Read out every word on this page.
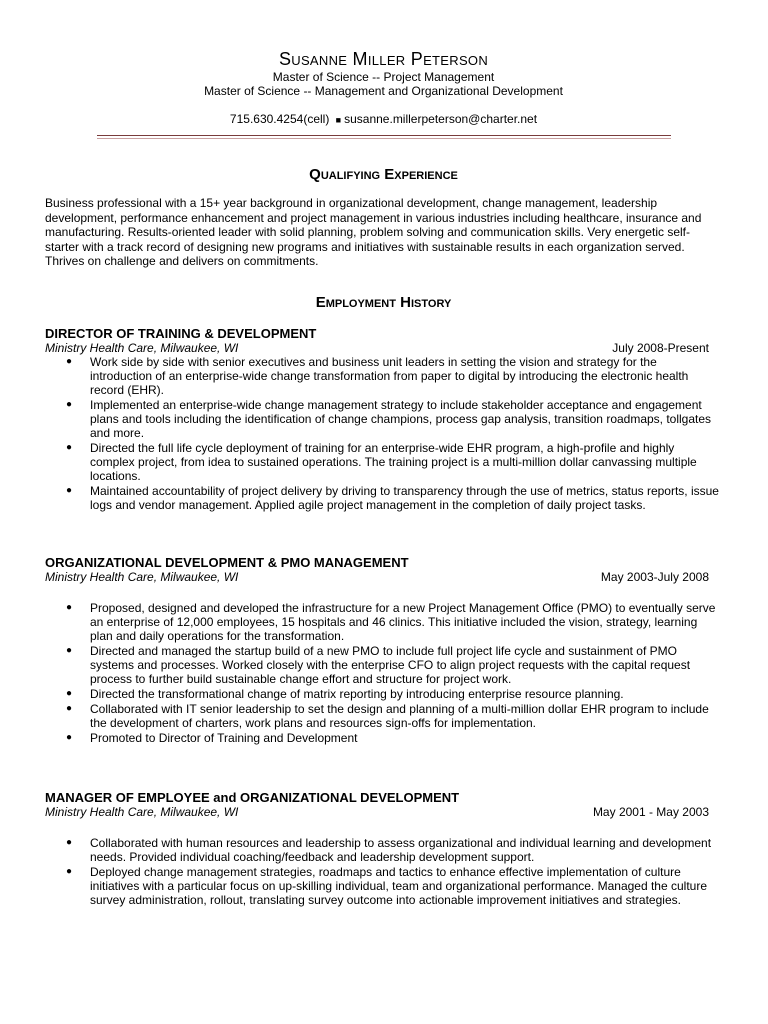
Susanne Miller Peterson

Master of Science -- Project Management

Master of Science -- Management and Organizational Development

715.630.4254(cell) ■ susanne.millerpeterson@charter.net
Qualifying Experience

Business professional with a 15+ year background in organizational development, change management, leadership development, performance enhancement and project management in various industries including healthcare, insurance and manufacturing. Results-oriented leader with solid planning, problem solving and communication skills. Very energetic self-starter with a track record of designing new programs and initiatives with sustainable results in each organization served. Thrives on challenge and delivers on commitments.

Employment History
DIRECTOR OF TRAINING & DEVELOPMENT
Ministry Health Care, Milwaukee, WI	July 2008-Present
● Work side by side with senior executives and business unit leaders in setting the vision and strategy for the introduction of an enterprise-wide change transformation from paper to digital by introducing the electronic health record (EHR).
● Implemented an enterprise-wide change management strategy to include stakeholder acceptance and engagement plans and tools including the identification of change champions, process gap analysis, transition roadmaps, tollgates and more.
● Directed the full life cycle deployment of training for an enterprise-wide EHR program, a high-profile and highly complex project, from idea to sustained operations. The training project is a multi-million dollar canvassing multiple locations.
● Maintained accountability of project delivery by driving to transparency through the use of metrics, status reports, issue logs and vendor management. Applied agile project management in the completion of daily project tasks.
ORGANIZATIONAL DEVELOPMENT & PMO MANAGEMENT
Ministry Health Care, Milwaukee, WI	May 2003-July 2008
● Proposed, designed and developed the infrastructure for a new Project Management Office (PMO) to eventually serve an enterprise of 12,000 employees, 15 hospitals and 46 clinics. This initiative included the vision, strategy, learning plan and daily operations for the transformation.
● Directed and managed the startup build of a new PMO to include full project life cycle and sustainment of PMO systems and processes. Worked closely with the enterprise CFO to align project requests with the capital request process to further build sustainable change effort and structure for project work.
● Directed the transformational change of matrix reporting by introducing enterprise resource planning.
● Collaborated with IT senior leadership to set the design and planning of a multi-million dollar EHR program to include the development of charters, work plans and resources sign-offs for implementation.
● Promoted to Director of Training and Development
MANAGER OF EMPLOYEE and ORGANIZATIONAL DEVELOPMENT
Ministry Health Care, Milwaukee, WI	May 2001 - May 2003
● Collaborated with human resources and leadership to assess organizational and individual learning and development needs. Provided individual coaching/feedback and leadership development support.
● Deployed change management strategies, roadmaps and tactics to enhance effective implementation of culture initiatives with a particular focus on up-skilling individual, team and organizational performance. Managed the culture survey administration, rollout, translating survey outcome into actionable improvement initiatives and strategies.
